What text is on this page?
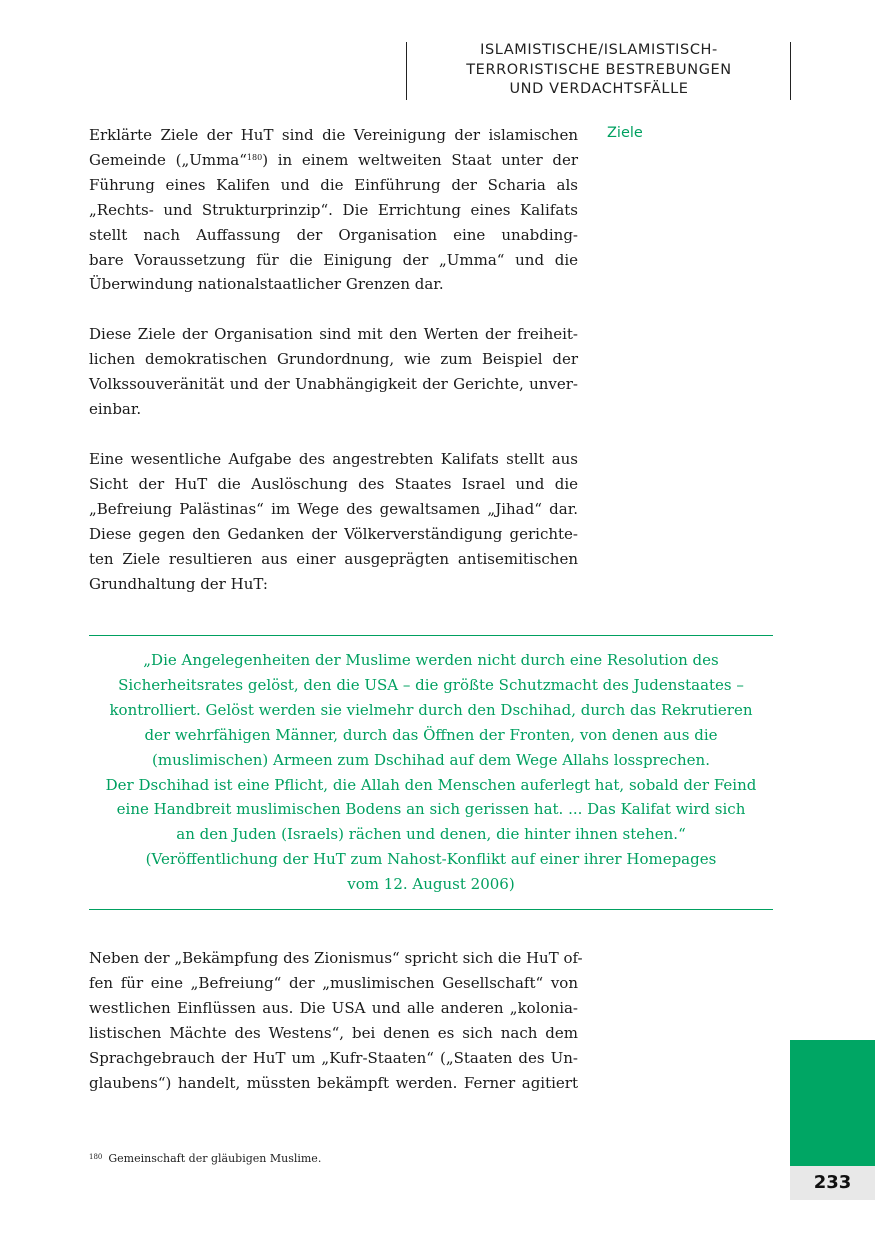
ISLAMISTISCHE/ISLAMISTISCH-
TERRORISTISCHE BESTREBUNGEN
UND VERDACHTSFÄLLE
Ziele
Erklärte Ziele der HuT sind die Vereinigung der islamischen
Gemeinde („Umma“$^{180}$) in einem weltweiten Staat unter der
Führung eines Kalifen und die Einführung der Scharia als
„Rechts- und Strukturprinzip“. Die Errichtung eines Kalifats
stellt nach Auffassung der Organisation eine unabding-
bare Voraussetzung für die Einigung der „Umma“ und die
Überwindung nationalstaatlicher Grenzen dar.
Diese Ziele der Organisation sind mit den Werten der freiheit-
lichen demokratischen Grundordnung, wie zum Beispiel der
Volkssouveränität und der Unabhängigkeit der Gerichte, unver-
einbar.
Eine wesentliche Aufgabe des angestrebten Kalifats stellt aus
Sicht der HuT die Auslöschung des Staates Israel und die
„Befreiung Palästinas“ im Wege des gewaltsamen „Jihad“ dar.
Diese gegen den Gedanken der Völkerverständigung gerichte-
ten Ziele resultieren aus einer ausgeprägten antisemitischen
Grundhaltung der HuT:
„Die Angelegenheiten der Muslime werden nicht durch eine Resolution des
Sicherheitsrates gelöst, den die USA – die größte Schutzmacht des Judenstaates –
kontrolliert. Gelöst werden sie vielmehr durch den Dschihad, durch das Rekrutieren
der wehrfähigen Männer, durch das Öffnen der Fronten, von denen aus die
(muslimischen) Armeen zum Dschihad auf dem Wege Allahs lossprechen.
Der Dschihad ist eine Pflicht, die Allah den Menschen auferlegt hat, sobald der Feind
eine Handbreit muslimischen Bodens an sich gerissen hat. ... Das Kalifat wird sich
an den Juden (Israels) rächen und denen, die hinter ihnen stehen.“
(Veröffentlichung der HuT zum Nahost-Konflikt auf einer ihrer Homepages
vom 12. August 2006)
Neben der „Bekämpfung des Zionismus“ spricht sich die HuT of-
fen für eine „Befreiung“ der „muslimischen Gesellschaft“ von
westlichen Einflüssen aus. Die USA und alle anderen „kolonia-
listischen Mächte des Westens“, bei denen es sich nach dem
Sprachgebrauch der HuT um „Kufr-Staaten“ („Staaten des Un-
glaubens“) handelt, müssten bekämpft werden. Ferner agitiert
$^{180}$ Gemeinschaft der gläubigen Muslime.
233
